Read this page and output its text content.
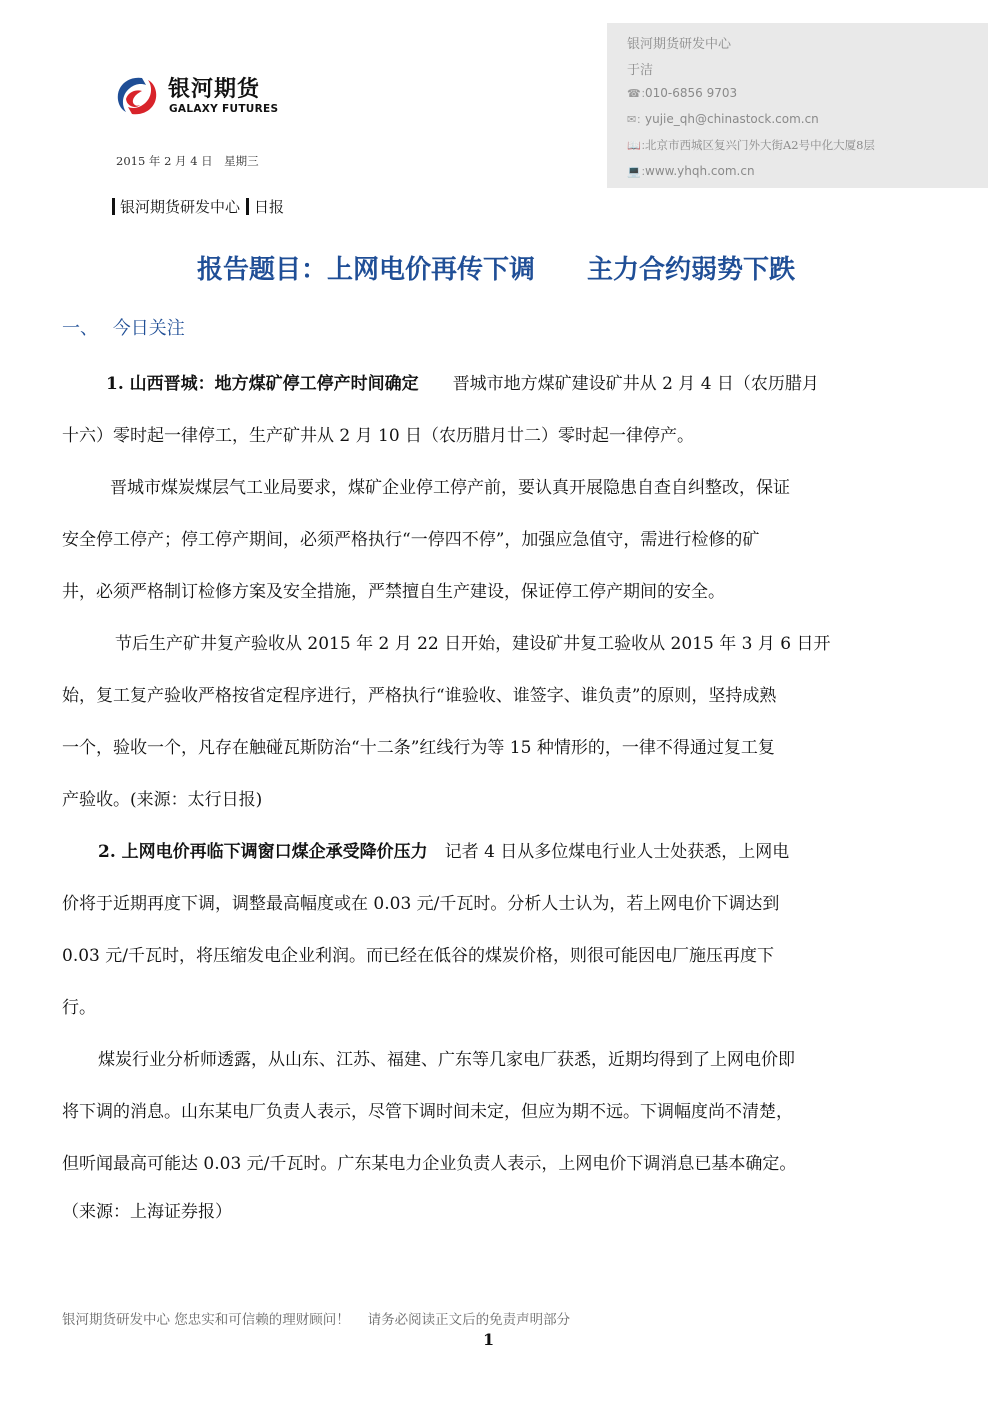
银河期货
GALAXY FUTURES
2015 年 2 月 4 日　星期三
银河期货研发中心 日报
银河期货研发中心
于洁
☎：010-6856 9703
✉：yujie_qh@chinastock.com.cn
📖：北京市西城区复兴门外大街A2号中化大厦8层
💻：www.yhqh.com.cn
报告题目：上网电价再传下调　　主力合约弱势下跌
一、　 今日关注
1. 山西晋城：地方煤矿停工停产时间确定　　晋城市地方煤矿建设矿井从 2 月 4 日（农历腊月
十六）零时起一律停工，生产矿井从 2 月 10 日（农历腊月廿二）零时起一律停产。
晋城市煤炭煤层气工业局要求，煤矿企业停工停产前，要认真开展隐患自查自纠整改，保证
安全停工停产；停工停产期间，必须严格执行“一停四不停”，加强应急值守，需进行检修的矿
井，必须严格制订检修方案及安全措施，严禁擅自生产建设，保证停工停产期间的安全。
节后生产矿井复产验收从 2015 年 2 月 22 日开始，建设矿井复工验收从 2015 年 3 月 6 日开
始，复工复产验收严格按省定程序进行，严格执行“谁验收、谁签字、谁负责”的原则，坚持成熟
一个，验收一个，凡存在触碰瓦斯防治“十二条”红线行为等 15 种情形的，一律不得通过复工复
产验收。(来源：太行日报)
2. 上网电价再临下调窗口煤企承受降价压力　记者 4 日从多位煤电行业人士处获悉，上网电
价将于近期再度下调，调整最高幅度或在 0.03 元/千瓦时。分析人士认为，若上网电价下调达到
0.03 元/千瓦时，将压缩发电企业利润。而已经在低谷的煤炭价格，则很可能因电厂施压再度下
行。
煤炭行业分析师透露，从山东、江苏、福建、广东等几家电厂获悉，近期均得到了上网电价即
将下调的消息。山东某电厂负责人表示，尽管下调时间未定，但应为期不远。下调幅度尚不清楚，
但听闻最高可能达 0.03 元/千瓦时。广东某电力企业负责人表示，上网电价下调消息已基本确定。
（来源：上海证券报）
银河期货研发中心 您忠实和可信赖的理财顾问！　 请务必阅读正文后的免责声明部分
1
